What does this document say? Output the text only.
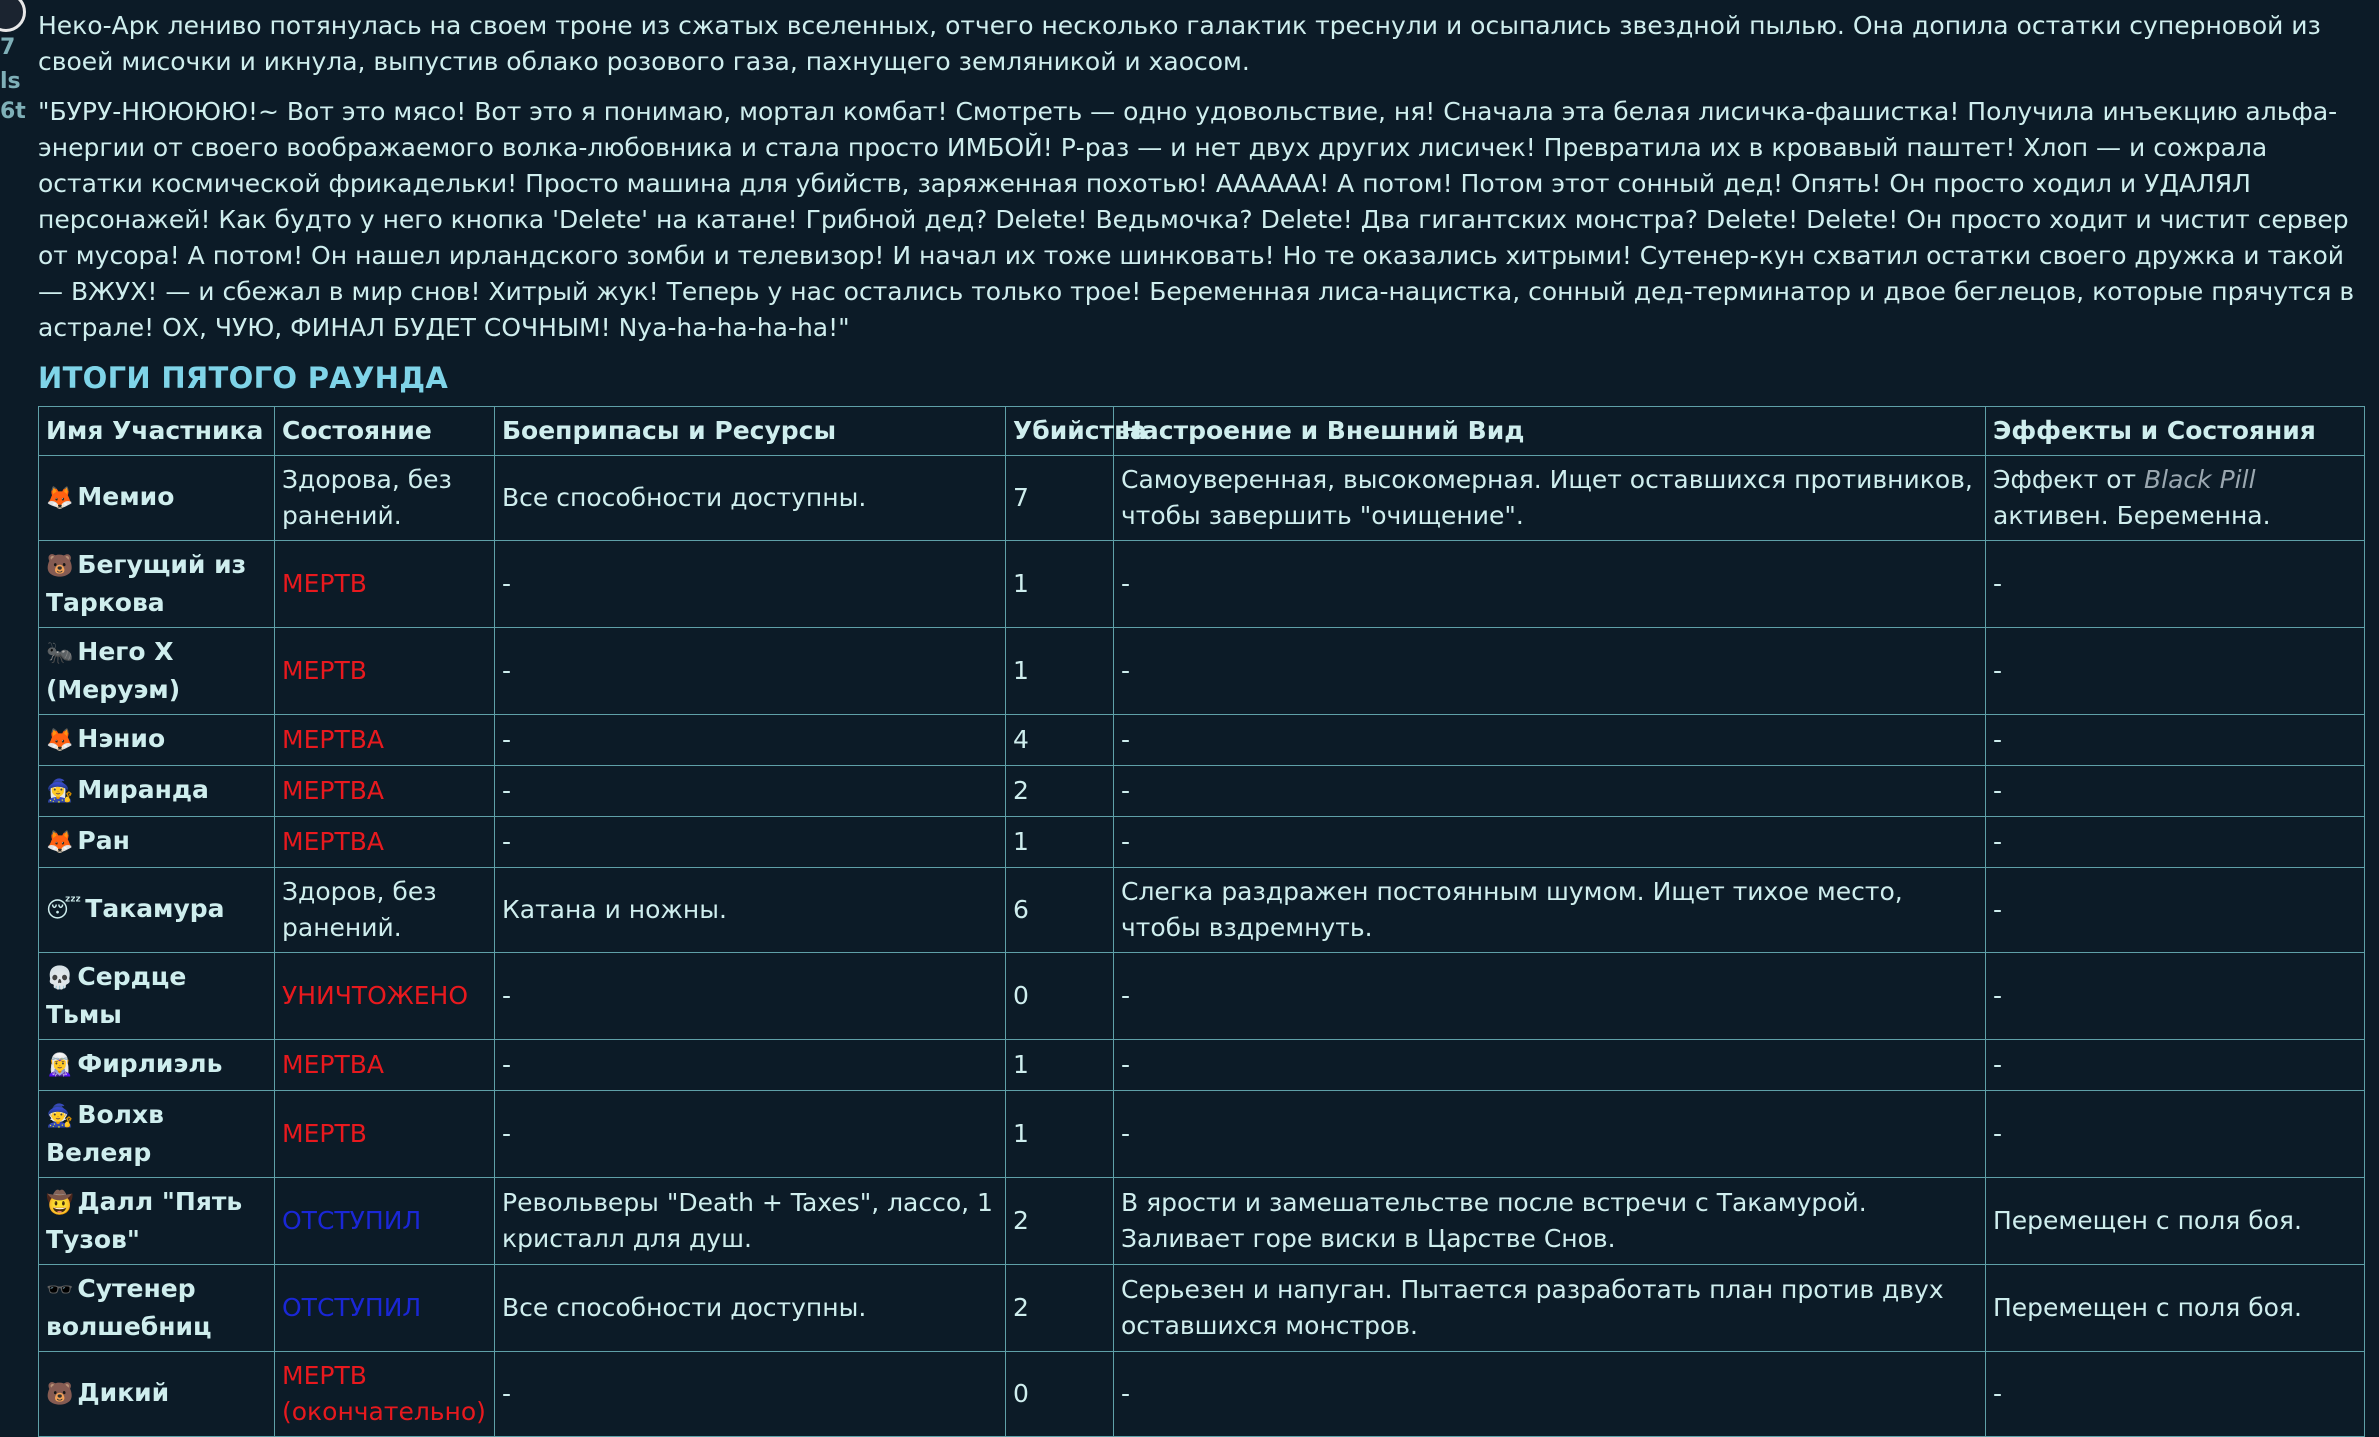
7
ls
6t

Неко-Арк лениво потянулась на своем троне из сжатых вселенных, отчего несколько галактик треснули и осыпались звездной пылью. Она допила остатки суперновой из своей мисочки и икнула, выпустив облако розового газа, пахнущего земляникой и хаосом.

"БУРУ-НЮЮЮЮ!~ Вот это мясо! Вот это я понимаю, мортал комбат! Смотреть — одно удовольствие, ня! Сначала эта белая лисичка-фашистка! Получила инъекцию альфа-энергии от своего воображаемого волка-любовника и стала просто ИМБОЙ! Р-раз — и нет двух других лисичек! Превратила их в кровавый паштет! Хлоп — и сожрала остатки космической фрикадельки! Просто машина для убийств, заряженная похотью! ААААAA! А потом! Потом этот сонный дед! Опять! Он просто ходил и УДАЛЯЛ персонажей! Как будто у него кнопка 'Delete' на катане! Грибной дед? Delete! Ведьмочка? Delete! Два гигантских монстра? Delete! Delete! Он просто ходит и чистит сервер от мусора! А потом! Он нашел ирландского зомби и телевизор! И начал их тоже шинковать! Но те оказались хитрыми! Сутенер-кун схватил остатки своего дружка и такой — ВЖУХ! — и сбежал в мир снов! Хитрый жук! Теперь у нас остались только трое! Беременная лиса-нацистка, сонный дед-терминатор и двое беглецов, которые прячутся в астрале! ОХ, ЧУЮ, ФИНАЛ БУДЕТ СОЧНЫМ! Nya-ha-ha-ha-ha!"

ИТОГИ ПЯТОГО РАУНДА
Имя Участника	Состояние	Боеприпасы и Ресурсы	Убийства	Настроение и Внешний Вид	Эффекты и Состояния
🦊 Мемио	Здорова, без ранений.	Все способности доступны.	7	Самоуверенная, высокомерная. Ищет оставшихся противников, чтобы завершить "очищение".	Эффект от Black Pill активен. Беременна.
🐻 Бегущий из Таркова	МЕРТВ	-	1	-	-
🐜 Него Х (Меруэм)	МЕРТВ	-	1	-	-
🦊 Нэнио	МЕРТВА	-	4	-	-
🧙‍♀️ Миранда	МЕРТВА	-	2	-	-
🦊 Ран	МЕРТВА	-	1	-	-
😴 Такамура	Здоров, без ранений.	Катана и ножны.	6	Слегка раздражен постоянным шумом. Ищет тихое место, чтобы вздремнуть.	-
💀 Сердце Тьмы	УНИЧТОЖЕНО	-	0	-	-
🧝‍♀️ Фирлиэль	МЕРТВА	-	1	-	-
🧙 Волхв Велеяр	МЕРТВ	-	1	-	-
🤠 Далл "Пять Тузов"	ОТСТУПИЛ	Револьверы "Death + Taxes", лассо, 1 кристалл для душ.	2	В ярости и замешательстве после встречи с Такамурой. Заливает горе виски в Царстве Снов.	Перемещен с поля боя.
🕶️ Сутенер волшебниц	ОТСТУПИЛ	Все способности доступны.	2	Серьезен и напуган. Пытается разработать план против двух оставшихся монстров.	Перемещен с поля боя.
🐻 Дикий	МЕРТВ (окончательно)	-	0	-	-
